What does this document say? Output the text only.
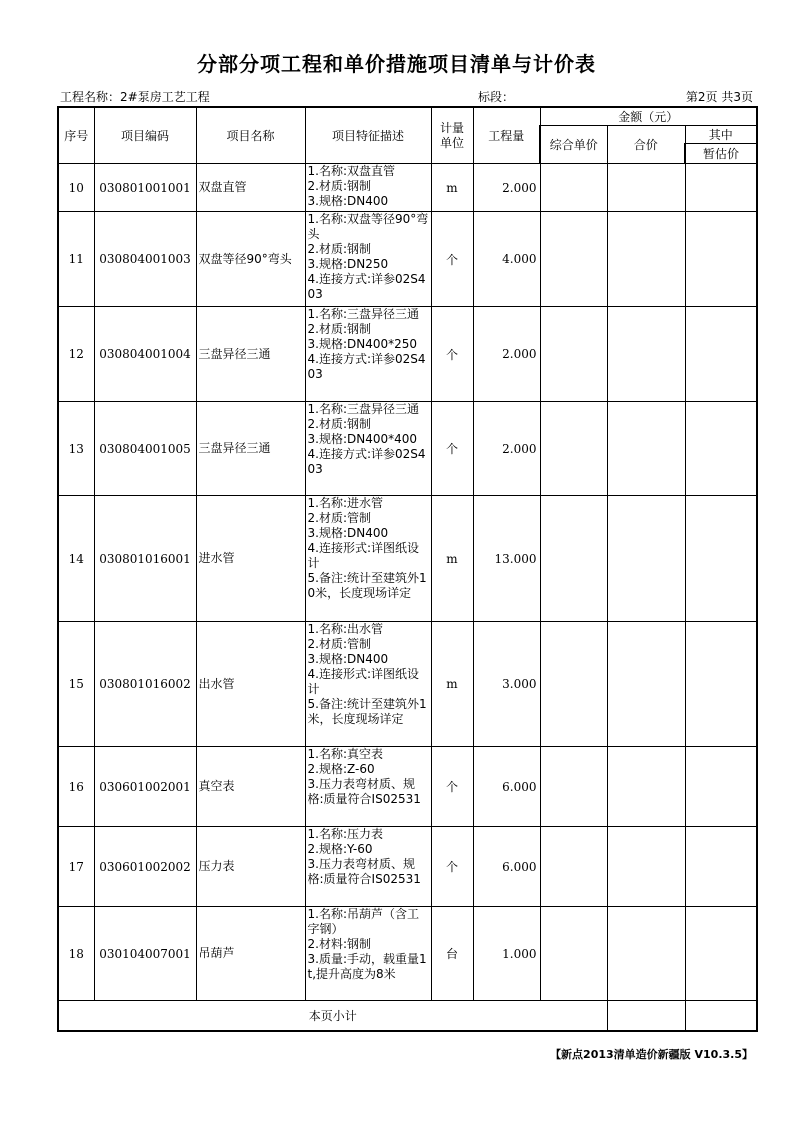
分部分项工程和单价措施项目清单与计价表
工程名称：2#泵房工艺工程	标段：	第2页 共3页
序号	项目编码	项目名称	项目特征描述	计量
单位	工程量	金额（元）		
						综合单价	合价	其中
								暂估价
10	030801001001	双盘直管	1.名称:双盘直管
2.材质:钢制
3.规格:DN400	m	2.000			
11	030804001003	双盘等径90°弯头	1.名称:双盘等径90°弯头
2.材质:钢制
3.规格:DN250
4.连接方式:详参02S403	个	4.000			
12	030804001004	三盘异径三通	1.名称:三盘异径三通
2.材质:钢制
3.规格:DN400*250
4.连接方式:详参02S403	个	2.000			
13	030804001005	三盘异径三通	1.名称:三盘异径三通
2.材质:钢制
3.规格:DN400*400
4.连接方式:详参02S403	个	2.000			
14	030801016001	进水管	1.名称:进水管
2.材质:管制
3.规格:DN400
4.连接形式:详图纸设计
5.备注:统计至建筑外10米，长度现场详定	m	13.000			
15	030801016002	出水管	1.名称:出水管
2.材质:管制
3.规格:DN400
4.连接形式:详图纸设计
5.备注:统计至建筑外1米，长度现场详定	m	3.000			
16	030601002001	真空表	1.名称:真空表
2.规格:Z-60
3.压力表弯材质、规格:质量符合IS02531	个	6.000			
17	030601002002	压力表	1.名称:压力表
2.规格:Y-60
3.压力表弯材质、规格:质量符合IS02531	个	6.000			
18	030104007001	吊葫芦	1.名称:吊葫芦（含工字钢）
2.材料:钢制
3.质量:手动，载重量1t,提升高度为8米	台	1.000			
本页小计								
【新点2013清单造价新疆版 V10.3.5】
